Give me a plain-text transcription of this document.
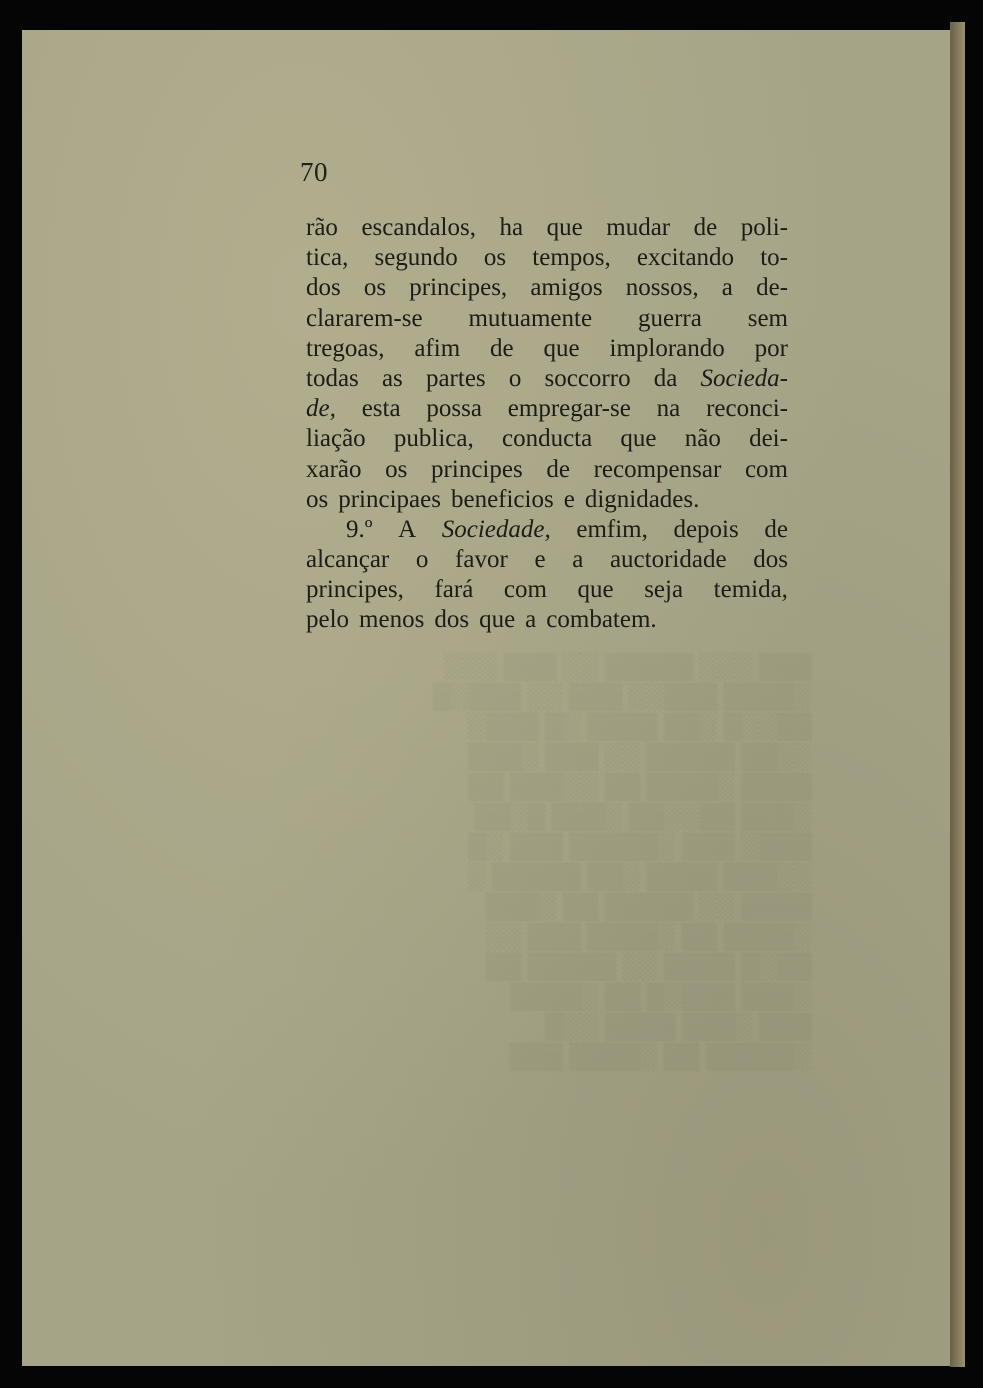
70
rão escandalos, ha que mudar de poli-
tica, segundo os tempos, excitando to-
dos os principes, amigos nossos, a de-
clararem-se mutuamente guerra sem
tregoas, afim de que implorando por
todas as partes o soccorro da Socieda-
de, esta possa empregar-se na reconci-
liação publica, conducta que não dei-
xarão os principes de recompensar com
os principaes beneficios e dignidades.
9.º A Sociedade, emfim, depois de
alcançar o favor e a auctoridade dos
principes, fará com que seja temida,
pelo menos dos que a combatem.
▒▒▒ ░░░ ▒▒▒▒▒ ░░ ▒▒▒ ░░░
░▒▒▒▒ ▒▒▒░░ ▒▒▒ ░░ ▒▒▒░▒
▒▒░░▒ ░▒▒ ▒▒▒▒ ░▒ ▒▒▒░
░░▒▒ ▒▒▒▒▒ ░░ ▒▒▒ ░▒▒▒
▒▒▒▒ ░▒▒▒▒ ▒▒ ░░▒▒▒ ▒▒
░▒▒▒ ▒▒░░▒▒ ░▒▒▒ ▒░▒▒
▒▒▒░ ▒▒▒ ░▒▒▒▒▒ ▒▒▒ ░▒
░░▒▒▒ ▒▒▒▒ ░▒▒ ▒▒▒▒▒ ░
▒▒▒▒ ░░ ▒▒▒▒▒ ▒▒ ░▒▒▒
░▒▒▒▒ ▒▒ ░▒▒▒▒ ▒▒▒ ░░
▒▒░▒ ▒▒▒▒ ░░ ▒▒▒▒▒ ▒▒
░▒▒▒ ▒▒▒░▒ ▒▒ ░▒▒▒▒
▒▒▒ ░▒▒▒ ▒▒▒▒ ░░▒
░▒▒▒▒▒ ▒▒ ░▒▒▒▒ ▒▒▒
